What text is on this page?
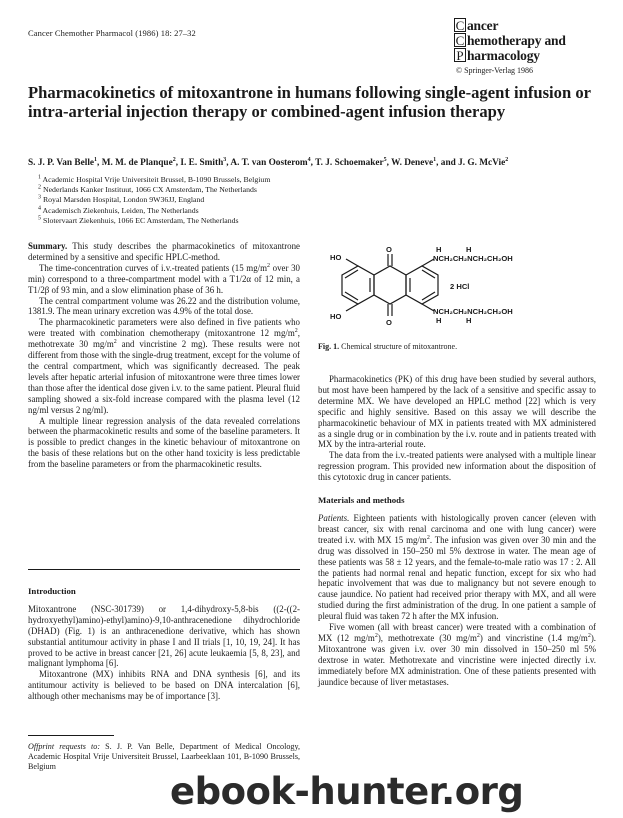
Cancer Chemother Pharmacol (1986) 18: 27–32	C ancer
C hemotherapy and
P harmacology
© Springer-Verlag 1986
Pharmacokinetics of mitoxantrone in humans following single-agent infusion or intra-arterial injection therapy or combined-agent infusion therapy
S. J. P. Van Belle$^1$, M. M. de Planque$^2$, I. E. Smith$^3$, A. T. van Oosterom$^4$, T. J. Schoemaker$^5$, W. Deneve$^1$, and J. G. McVie$^2$
$^1$ Academic Hospital Vrije Universiteit Brussel, B-1090 Brussels, Belgium
$^2$ Nederlands Kanker Instituut, 1066 CX Amsterdam, The Netherlands
$^3$ Royal Marsden Hospital, London 9W36JJ, England
$^4$ Academisch Ziekenhuis, Leiden, The Netherlands
$^5$ Slotervaart Ziekenhuis, 1066 EC Amsterdam, The Netherlands

Summary. This study describes the pharmacokinetics of mitoxantrone determined by a sensitive and specific HPLC-method.

The time-concentration curves of i.v.-treated patients (15 $mg/m^2$ over 30 min) correspond to a three-compartment model with a T1/2α of 12 min, a T1/2β of 93 min, and a slow elimination phase of 36 h.

The central compartment volume was 26.22 and the distribution volume, 1381.9. The mean urinary excretion was 4.9% of the total dose.

The pharmacokinetic parameters were also defined in five patients who were treated with combination chemotherapy (mitoxantrone 12 $mg/m^2$, methotrexate 30 $mg/m^2$ and vincristine 2 mg). These results were not different from those with the single-drug treatment, except for the volume of the central compartment, which was significantly decreased. The peak levels after hepatic arterial infusion of mitoxantrone were three times lower than those after the identical dose given i.v. to the same patient. Pleural fluid sampling showed a six-fold increase compared with the plasma level (12 ng/ml versus 2 ng/ml).

A multiple linear regression analysis of the data revealed correlations between the pharmacokinetic results and some of the baseline parameters. It is possible to predict changes in the kinetic behaviour of mitoxantrone on the basis of these relations but on the other hand toxicity is less predictable from the baseline parameters or from the pharmacokinetic results.

Introduction

Mitoxantrone (NSC-301739) or 1,4-dihydroxy-5,8-bis ((2-((2-hydroxyethyl)amino)-ethyl)amino)-9,10-anthracenedione dihydrochloride (DHAD) (Fig. 1) is an anthracenedione derivative, which has shown substantial antitumour activity in phase I and II trials [1, 10, 19, 24]. It has proved to be active in breast cancer [21, 26] acute leukaemia [5, 8, 23], and malignant lymphoma [6].

Mitoxantrone (MX) inhibits RNA and DNA synthesis [6], and its antitumour activity is believed to be based on DNA intercalation [6], although other mechanisms may be of importance [3].

Offprint requests to: S. J. P. Van Belle, Department of Medical Oncology, Academic Hospital Vrije Universiteit Brussel, Laarbeeklaan 101, B-1090 Brussels, Belgium
HO
HO
O
O
H	H
NCH₂CH₂NCH₂CH₂OH
NCH₂CH₂NCH₂CH₂OH
H	H
2 HCl
Fig. 1. Chemical structure of mitoxantrone.

Pharmacokinetics (PK) of this drug have been studied by several authors, but most have been hampered by the lack of a sensitive and specific assay to determine MX. We have developed an HPLC method [22] which is very specific and highly sensitive. Based on this assay we will describe the pharmacokinetic behaviour of MX in patients treated with MX administered as a single drug or in combination by the i.v. route and in patients treated with MX by the intra-arterial route.

The data from the i.v.-treated patients were analysed with a multiple linear regression program. This provided new information about the disposition of this cytotoxic drug in cancer patients.

Materials and methods

Patients. Eighteen patients with histologically proven cancer (eleven with breast cancer, six with renal carcinoma and one with lung cancer) were treated i.v. with MX 15 $mg/m^2$. The infusion was given over 30 min and the drug was dissolved in 150–250 ml 5% dextrose in water. The mean age of these patients was 58 ± 12 years, and the female-to-male ratio was 17 : 2. All the patients had normal renal and hepatic function, except for six who had hepatic involvement that was due to malignancy but not severe enough to cause jaundice. No patient had received prior therapy with MX, and all were studied during the first administration of the drug. In one patient a sample of pleural fluid was taken 72 h after the MX infusion.

Five women (all with breast cancer) were treated with a combination of MX (12 $mg/m^2$), methotrexate (30 $mg/m^2$) and vincristine (1.4 $mg/m^2$). Mitoxantrone was given i.v. over 30 min dissolved in 150–250 ml 5% dextrose in water. Methotrexate and vincristine were injected directly i.v. immediately before MX administration. One of these patients presented with jaundice because of liver metastases.

ebook-hunter.org
